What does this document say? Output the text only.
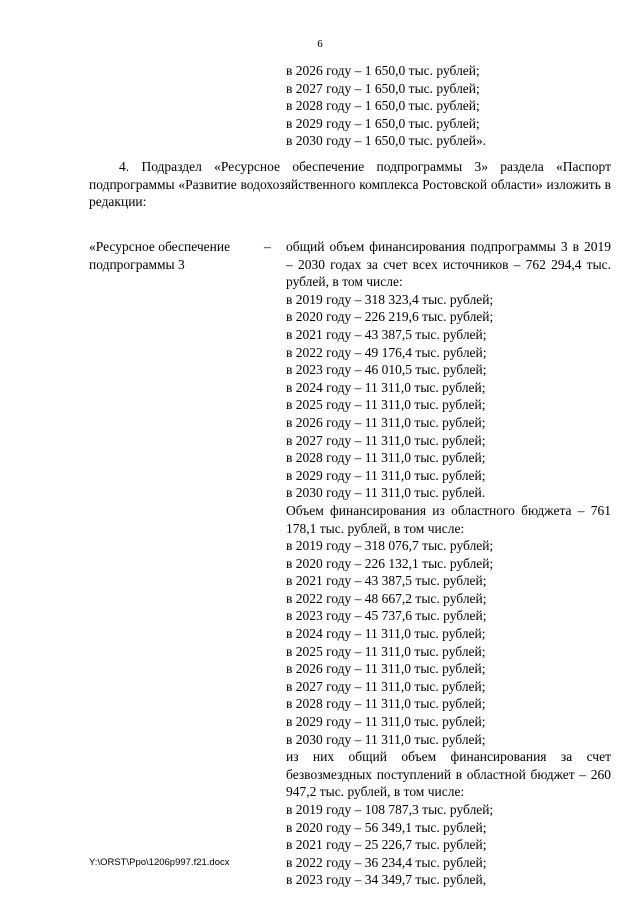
6
в 2026 году – 1 650,0 тыс. рублей;
в 2027 году – 1 650,0 тыс. рублей;
в 2028 году – 1 650,0 тыс. рублей;
в 2029 году – 1 650,0 тыс. рублей;
в 2030 году – 1 650,0 тыс. рублей».
4. Подраздел «Ресурсное обеспечение подпрограммы 3» раздела «Паспорт подпрограммы «Развитие водохозяйственного комплекса Ростовской области» изложить в редакции:
«Ресурсное обеспечение подпрограммы 3
– общий объем финансирования подпрограммы 3 в 2019 – 2030 годах за счет всех источников – 762 294,4 тыс. рублей, в том числе:
в 2019 году – 318 323,4 тыс. рублей;
в 2020 году – 226 219,6 тыс. рублей;
в 2021 году – 43 387,5 тыс. рублей;
в 2022 году – 49 176,4 тыс. рублей;
в 2023 году – 46 010,5 тыс. рублей;
в 2024 году – 11 311,0 тыс. рублей;
в 2025 году – 11 311,0 тыс. рублей;
в 2026 году – 11 311,0 тыс. рублей;
в 2027 году – 11 311,0 тыс. рублей;
в 2028 году – 11 311,0 тыс. рублей;
в 2029 году – 11 311,0 тыс. рублей;
в 2030 году – 11 311,0 тыс. рублей.
Объем финансирования из областного бюджета – 761 178,1 тыс. рублей, в том числе:
в 2019 году – 318 076,7 тыс. рублей;
в 2020 году – 226 132,1 тыс. рублей;
в 2021 году – 43 387,5 тыс. рублей;
в 2022 году – 48 667,2 тыс. рублей;
в 2023 году – 45 737,6 тыс. рублей;
в 2024 году – 11 311,0 тыс. рублей;
в 2025 году – 11 311,0 тыс. рублей;
в 2026 году – 11 311,0 тыс. рублей;
в 2027 году – 11 311,0 тыс. рублей;
в 2028 году – 11 311,0 тыс. рублей;
в 2029 году – 11 311,0 тыс. рублей;
в 2030 году – 11 311,0 тыс. рублей;
из них общий объем финансирования за счет безвозмездных поступлений в областной бюджет – 260 947,2 тыс. рублей, в том числе:
в 2019 году – 108 787,3 тыс. рублей;
в 2020 году – 56 349,1 тыс. рублей;
в 2021 году – 25 226,7 тыс. рублей;
в 2022 году – 36 234,4 тыс. рублей;
в 2023 году – 34 349,7 тыс. рублей,
Y:\ORST\Ppo\1206p997.f21.docx
